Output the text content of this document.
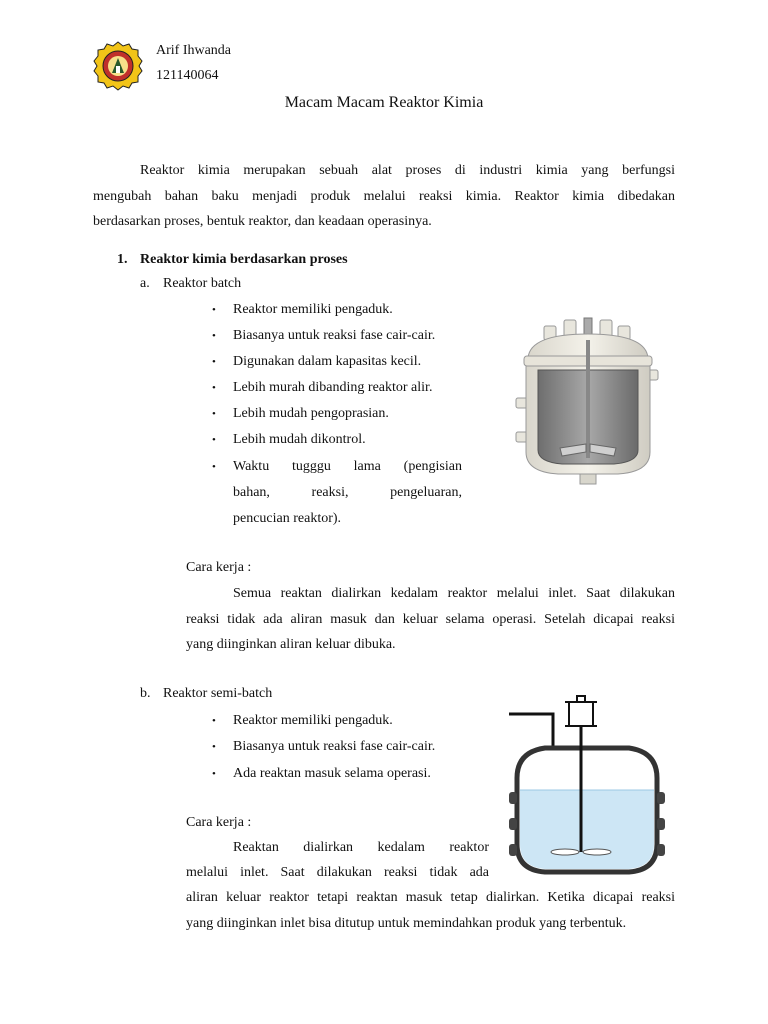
Arif Ihwanda
121140064
Macam Macam Reaktor Kimia
Reaktor kimia merupakan sebuah alat proses di industri kimia yang berfungsi
mengubah bahan baku menjadi produk melalui reaksi kimia. Reaktor kimia dibedakan
berdasarkan proses, bentuk reaktor, dan keadaan operasinya.
1. Reaktor kimia berdasarkan proses
a. Reaktor batch
• Reaktor memiliki pengaduk.
• Biasanya untuk reaksi fase cair-cair.
• Digunakan dalam kapasitas kecil.
• Lebih murah dibanding reaktor alir.
• Lebih mudah pengoprasian.
• Lebih mudah dikontrol.
• Waktu tugggu lama (pengisian
bahan, reaksi, pengeluaran,
pencucian reaktor).
Cara kerja :
Semua reaktan dialirkan kedalam reaktor melalui inlet. Saat dilakukan
reaksi tidak ada aliran masuk dan keluar selama operasi. Setelah dicapai reaksi
yang diinginkan aliran keluar dibuka.
b. Reaktor semi-batch
• Reaktor memiliki pengaduk.
• Biasanya untuk reaksi fase cair-cair.
• Ada reaktan masuk selama operasi.
Cara kerja :
Reaktan dialirkan kedalam reaktor
melalui inlet. Saat dilakukan reaksi tidak ada
aliran keluar reaktor tetapi reaktan masuk tetap dialirkan. Ketika dicapai reaksi
yang diinginkan inlet bisa ditutup untuk memindahkan produk yang terbentuk.
